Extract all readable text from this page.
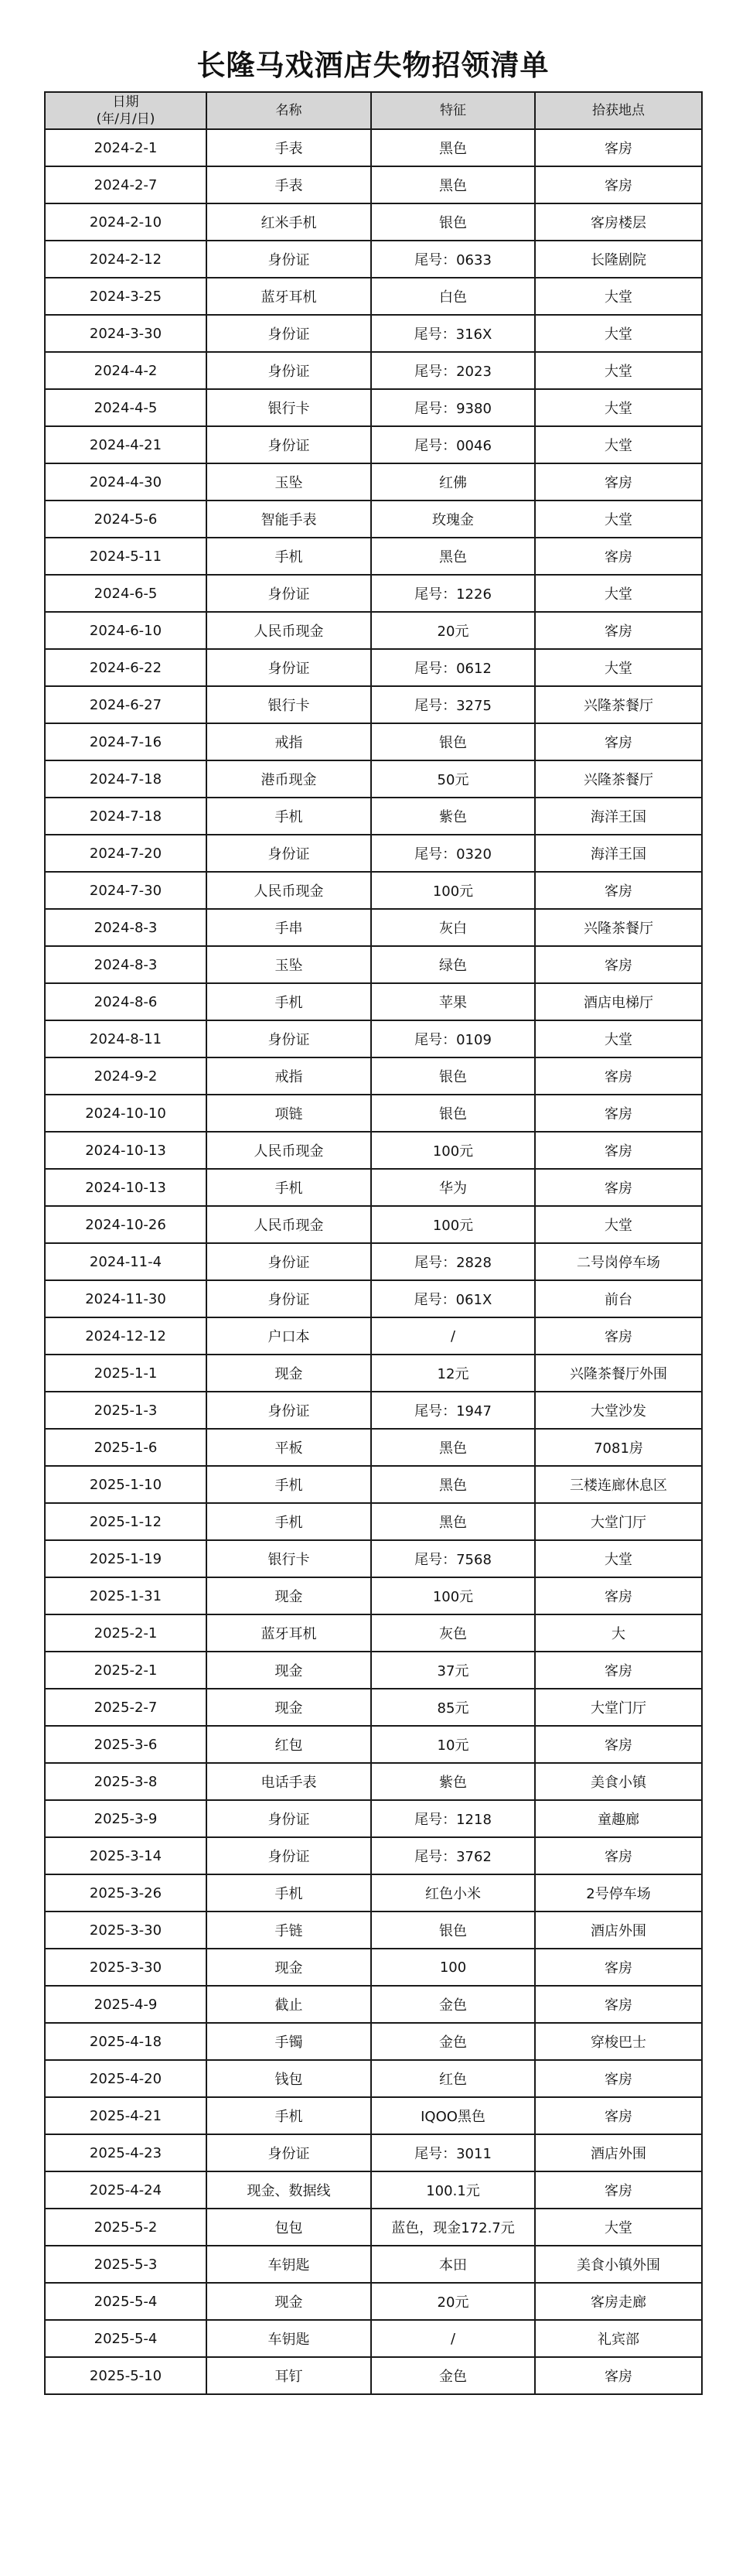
长隆马戏酒店失物招领清单
日期
(年/月/日)	名称	特征	拾获地点
2024-2-1	手表	黑色	客房
2024-2-7	手表	黑色	客房
2024-2-10	红米手机	银色	客房楼层
2024-2-12	身份证	尾号：0633	长隆剧院
2024-3-25	蓝牙耳机	白色	大堂
2024-3-30	身份证	尾号：316X	大堂
2024-4-2	身份证	尾号：2023	大堂
2024-4-5	银行卡	尾号：9380	大堂
2024-4-21	身份证	尾号：0046	大堂
2024-4-30	玉坠	红佛	客房
2024-5-6	智能手表	玫瑰金	大堂
2024-5-11	手机	黑色	客房
2024-6-5	身份证	尾号：1226	大堂
2024-6-10	人民币现金	20元	客房
2024-6-22	身份证	尾号：0612	大堂
2024-6-27	银行卡	尾号：3275	兴隆茶餐厅
2024-7-16	戒指	银色	客房
2024-7-18	港币现金	50元	兴隆茶餐厅
2024-7-18	手机	紫色	海洋王国
2024-7-20	身份证	尾号：0320	海洋王国
2024-7-30	人民币现金	100元	客房
2024-8-3	手串	灰白	兴隆茶餐厅
2024-8-3	玉坠	绿色	客房
2024-8-6	手机	苹果	酒店电梯厅
2024-8-11	身份证	尾号：0109	大堂
2024-9-2	戒指	银色	客房
2024-10-10	项链	银色	客房
2024-10-13	人民币现金	100元	客房
2024-10-13	手机	华为	客房
2024-10-26	人民币现金	100元	大堂
2024-11-4	身份证	尾号：2828	二号岗停车场
2024-11-30	身份证	尾号：061X	前台
2024-12-12	户口本	/	客房
2025-1-1	现金	12元	兴隆茶餐厅外围
2025-1-3	身份证	尾号：1947	大堂沙发
2025-1-6	平板	黑色	7081房
2025-1-10	手机	黑色	三楼连廊休息区
2025-1-12	手机	黑色	大堂门厅
2025-1-19	银行卡	尾号：7568	大堂
2025-1-31	现金	100元	客房
2025-2-1	蓝牙耳机	灰色	大
2025-2-1	现金	37元	客房
2025-2-7	现金	85元	大堂门厅
2025-3-6	红包	10元	客房
2025-3-8	电话手表	紫色	美食小镇
2025-3-9	身份证	尾号：1218	童趣廊
2025-3-14	身份证	尾号：3762	客房
2025-3-26	手机	红色小米	2号停车场
2025-3-30	手链	银色	酒店外围
2025-3-30	现金	100	客房
2025-4-9	截止	金色	客房
2025-4-18	手镯	金色	穿梭巴士
2025-4-20	钱包	红色	客房
2025-4-21	手机	IQOO黑色	客房
2025-4-23	身份证	尾号：3011	酒店外围
2025-4-24	现金、数据线	100.1元	客房
2025-5-2	包包	蓝色，现金172.7元	大堂
2025-5-3	车钥匙	本田	美食小镇外围
2025-5-4	现金	20元	客房走廊
2025-5-4	车钥匙	/	礼宾部
2025-5-10	耳钉	金色	客房
